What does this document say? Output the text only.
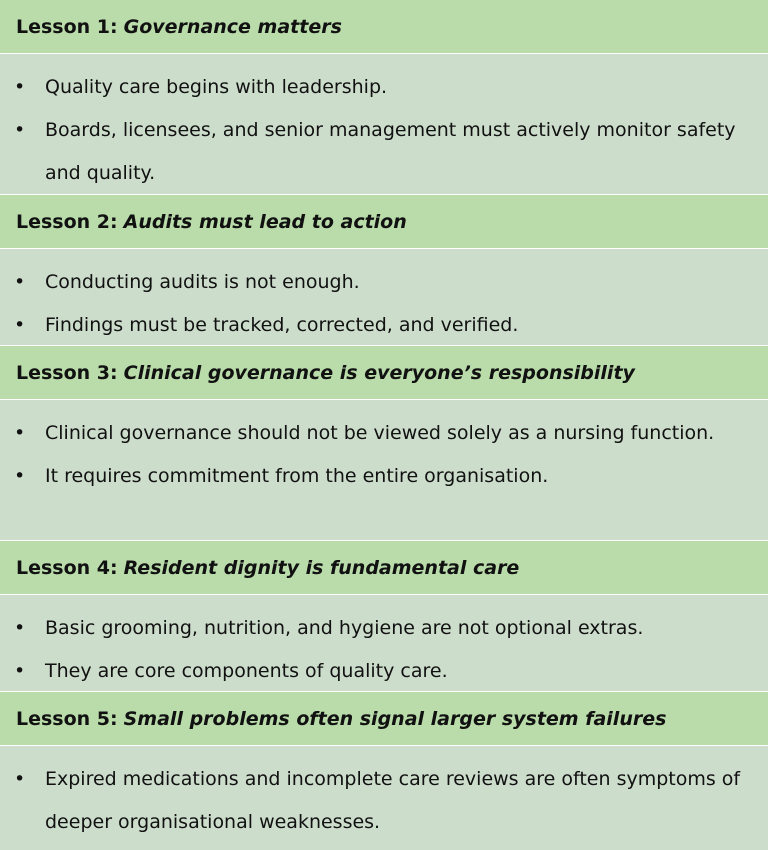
Lesson 1: Governance matters
• Quality care begins with leadership.
• Boards, licensees, and senior management must actively monitor safety and quality.
Lesson 2: Audits must lead to action
• Conducting audits is not enough.
• Findings must be tracked, corrected, and verified.
Lesson 3: Clinical governance is everyone’s responsibility
• Clinical governance should not be viewed solely as a nursing function.
• It requires commitment from the entire organisation.
Lesson 4: Resident dignity is fundamental care
• Basic grooming, nutrition, and hygiene are not optional extras.
• They are core components of quality care.
Lesson 5: Small problems often signal larger system failures
• Expired medications and incomplete care reviews are often symptoms of deeper organisational weaknesses.
